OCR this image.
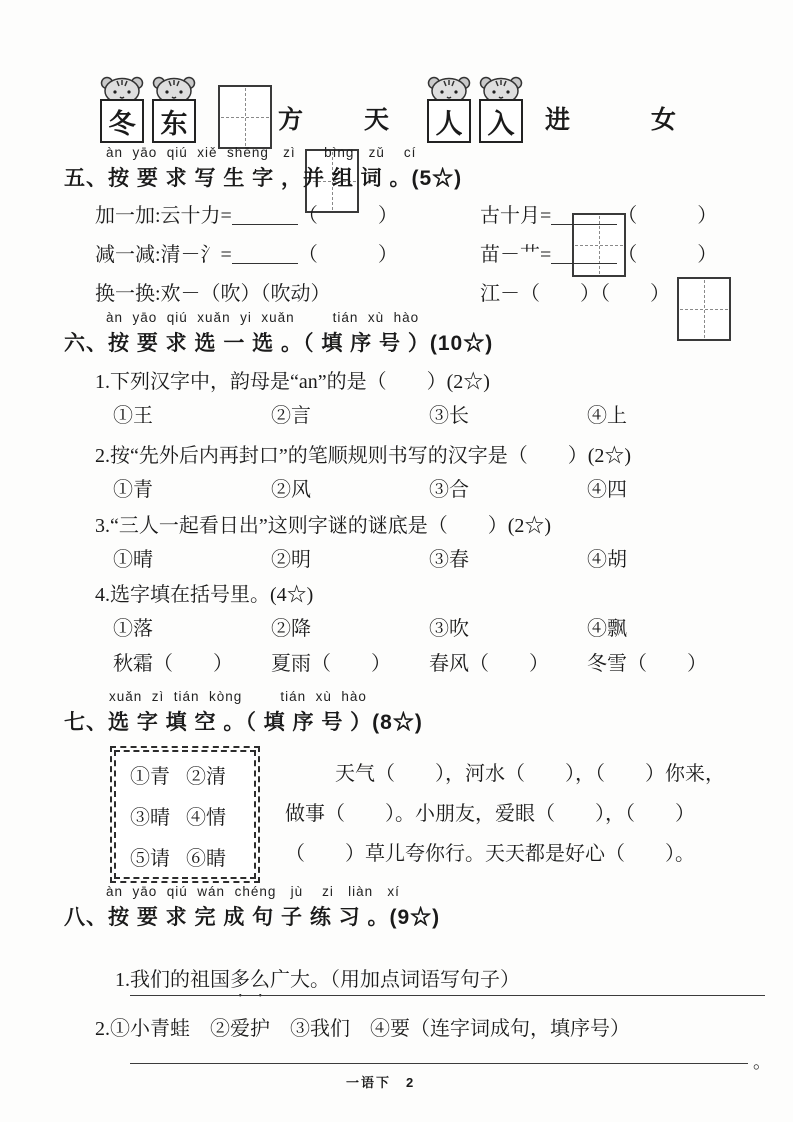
冬 东	方 天	人 入	进	女
àn  yāo  qiú  xiě  shēng   zì      bìng   zǔ    cí
五、按 要 求 写 生 字 ，并 组 词 。(5☆)
加一加:云十力=	（　　　）	古十月=	（　　　）
减一减:清－氵=	（　　　）	苗－艹=	（　　　）
换一换:欢－（吹）（吹动）	江－（　　）（　　）
àn  yāo  qiú  xuǎn  yi  xuǎn        tián  xù  hào
六、按 要 求 选 一 选 。（ 填 序 号 ）(10☆)
1.下列汉字中，韵母是“an”的是（　　）(2☆)
①王	②言	③长	④上
2.按“先外后内再封口”的笔顺规则书写的汉字是（　　）(2☆)
①青	②风	③合	④四
3.“三人一起看日出”这则字谜的谜底是（　　）(2☆)
①晴	②明	③春	④胡
4.选字填在括号里。(4☆)
①落	②降	③吹	④飘
秋霜（　　）	夏雨（　　）	春风（　　）	冬雪（　　）
xuǎn  zì  tián  kòng        tián  xù  hào
七、选 字 填 空 。（ 填 序 号 ）(8☆)
①青 ②清
③晴 ④情
⑤请 ⑥睛
天气（　　），河水（　　），（　　）你来，
做事（　　）。小朋友，爱眼（　　），（　　）
（　　）草儿夸你行。天天都是好心（　　）。
àn  yāo  qiú  wán  chéng   jù    zi   liàn   xí
八、按 要 求 完 成 句 子 练 习 。(9☆)

1.我们的祖国多么广大。（用加点词语写句子）

2.①小青蛙　②爱护　③我们　④要（连字词成句，填序号）
。
一语下　2
